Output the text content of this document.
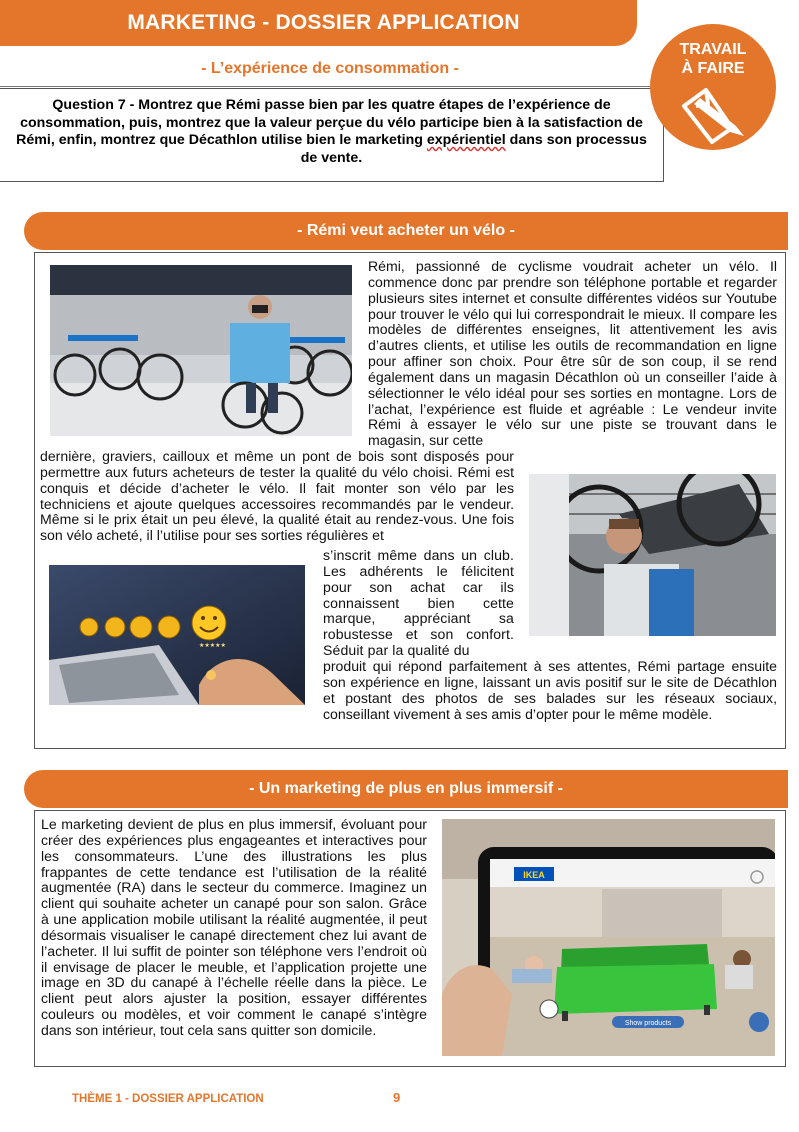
MARKETING - DOSSIER APPLICATION
- L’expérience de consommation -
Question 7 - Montrez que Rémi passe bien par les quatre étapes de l’expérience de consommation, puis, montrez que la valeur perçue du vélo participe bien à la satisfaction de Rémi, enfin, montrez que Décathlon utilise bien le marketing expérientiel dans son processus de vente.
TRAVAIL
À FAIRE
- Rémi veut acheter un vélo -
Rémi, passionné de cyclisme voudrait acheter un vélo. Il commence donc par prendre son téléphone portable et regarder plusieurs sites internet et consulte différentes vidéos sur Youtube pour trouver le vélo qui lui correspondrait le mieux. Il compare les modèles de différentes enseignes, lit attentivement les avis d’autres clients, et utilise les outils de recommandation en ligne pour affiner son choix. Pour être sûr de son coup, il se rend également dans un magasin Décathlon où un conseiller l’aide à sélectionner le vélo idéal pour ses sorties en montagne. Lors de l’achat, l’expérience est fluide et agréable : Le vendeur invite Rémi à essayer le vélo sur une piste se trouvant dans le magasin, sur cette
dernière, graviers, cailloux et même un pont de bois sont disposés pour permettre aux futurs acheteurs de tester la qualité du vélo choisi. Rémi est conquis et décide d’acheter le vélo. Il fait monter son vélo par les techniciens et ajoute quelques accessoires recommandés par le vendeur. Même si le prix était un peu élevé, la qualité était au rendez-vous. Une fois son vélo acheté, il l’utilise pour ses sorties régulières et
★★★★★
s’inscrit même dans un club. Les adhérents le félicitent pour son achat car ils connaissent bien cette marque, appréciant sa robustesse et son confort. Séduit par la qualité du
produit qui répond parfaitement à ses attentes, Rémi partage ensuite son expérience en ligne, laissant un avis positif sur le site de Décathlon et postant des photos de ses balades sur les réseaux sociaux, conseillant vivement à ses amis d’opter pour le même modèle.
- Un marketing de plus en plus immersif -
Le marketing devient de plus en plus immersif, évoluant pour créer des expériences plus engageantes et interactives pour les consommateurs. L’une des illustrations les plus frappantes de cette tendance est l’utilisation de la réalité augmentée (RA) dans le secteur du commerce. Imaginez un client qui souhaite acheter un canapé pour son salon. Grâce à une application mobile utilisant la réalité augmentée, il peut désormais visualiser le canapé directement chez lui avant de l’acheter. Il lui suffit de pointer son téléphone vers l’endroit où il envisage de placer le meuble, et l’application projette une image en 3D du canapé à l’échelle réelle dans la pièce. Le client peut alors ajuster la position, essayer différentes couleurs ou modèles, et voir comment le canapé s’intègre dans son intérieur, tout cela sans quitter son domicile.
IKEA
Show products
THÈME 1 - DOSSIER APPLICATION	9
